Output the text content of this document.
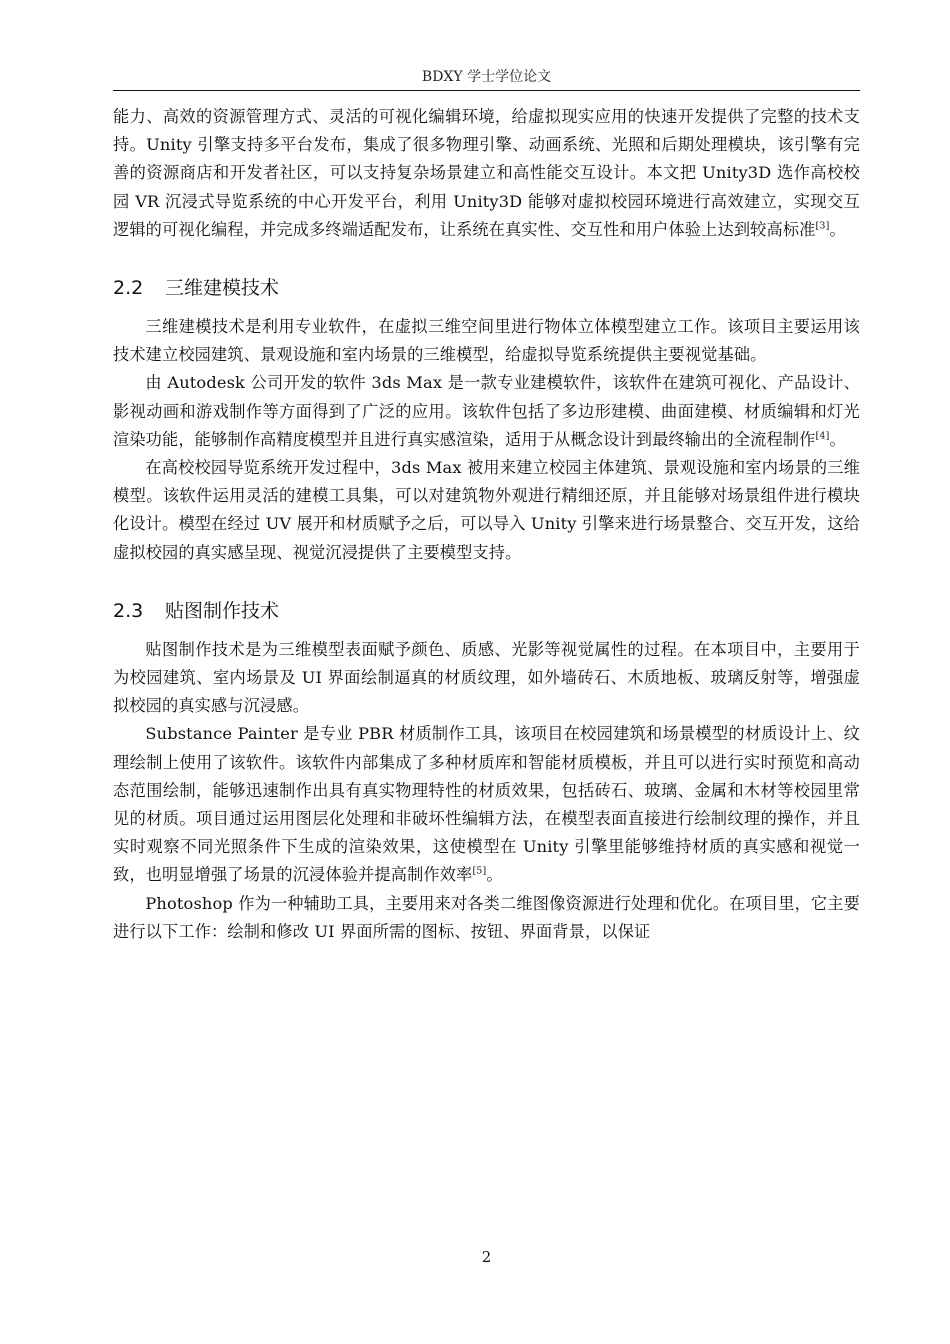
BDXY 学士学位论文

能力、高效的资源管理方式、灵活的可视化编辑环境，给虚拟现实应用的快速开发提供了完整的技术支持。Unity 引擎支持多平台发布，集成了很多物理引擎、动画系统、光照和后期处理模块，该引擎有完善的资源商店和开发者社区，可以支持复杂场景建立和高性能交互设计。本文把 Unity3D 选作高校校园 VR 沉浸式导览系统的中心开发平台，利用 Unity3D 能够对虚拟校园环境进行高效建立，实现交互逻辑的可视化编程，并完成多终端适配发布，让系统在真实性、交互性和用户体验上达到较高标准[3]。

2.2 三维建模技术

三维建模技术是利用专业软件，在虚拟三维空间里进行物体立体模型建立工作。该项目主要运用该技术建立校园建筑、景观设施和室内场景的三维模型，给虚拟导览系统提供主要视觉基础。

由 Autodesk 公司开发的软件 3ds Max 是一款专业建模软件，该软件在建筑可视化、产品设计、影视动画和游戏制作等方面得到了广泛的应用。该软件包括了多边形建模、曲面建模、材质编辑和灯光渲染功能，能够制作高精度模型并且进行真实感渲染，适用于从概念设计到最终输出的全流程制作[4]。

在高校校园导览系统开发过程中，3ds Max 被用来建立校园主体建筑、景观设施和室内场景的三维模型。该软件运用灵活的建模工具集，可以对建筑物外观进行精细还原，并且能够对场景组件进行模块化设计。模型在经过 UV 展开和材质赋予之后，可以导入 Unity 引擎来进行场景整合、交互开发，这给虚拟校园的真实感呈现、视觉沉浸提供了主要模型支持。

2.3 贴图制作技术

贴图制作技术是为三维模型表面赋予颜色、质感、光影等视觉属性的过程。在本项目中，主要用于为校园建筑、室内场景及 UI 界面绘制逼真的材质纹理，如外墙砖石、木质地板、玻璃反射等，增强虚拟校园的真实感与沉浸感。

Substance Painter 是专业 PBR 材质制作工具，该项目在校园建筑和场景模型的材质设计上、纹理绘制上使用了该软件。该软件内部集成了多种材质库和智能材质模板，并且可以进行实时预览和高动态范围绘制，能够迅速制作出具有真实物理特性的材质效果，包括砖石、玻璃、金属和木材等校园里常见的材质。项目通过运用图层化处理和非破坏性编辑方法，在模型表面直接进行绘制纹理的操作，并且实时观察不同光照条件下生成的渲染效果，这使模型在 Unity 引擎里能够维持材质的真实感和视觉一致，也明显增强了场景的沉浸体验并提高制作效率[5]。

Photoshop 作为一种辅助工具，主要用来对各类二维图像资源进行处理和优化。在项目里，它主要进行以下工作：绘制和修改 UI 界面所需的图标、按钮、界面背景，以保证

2
